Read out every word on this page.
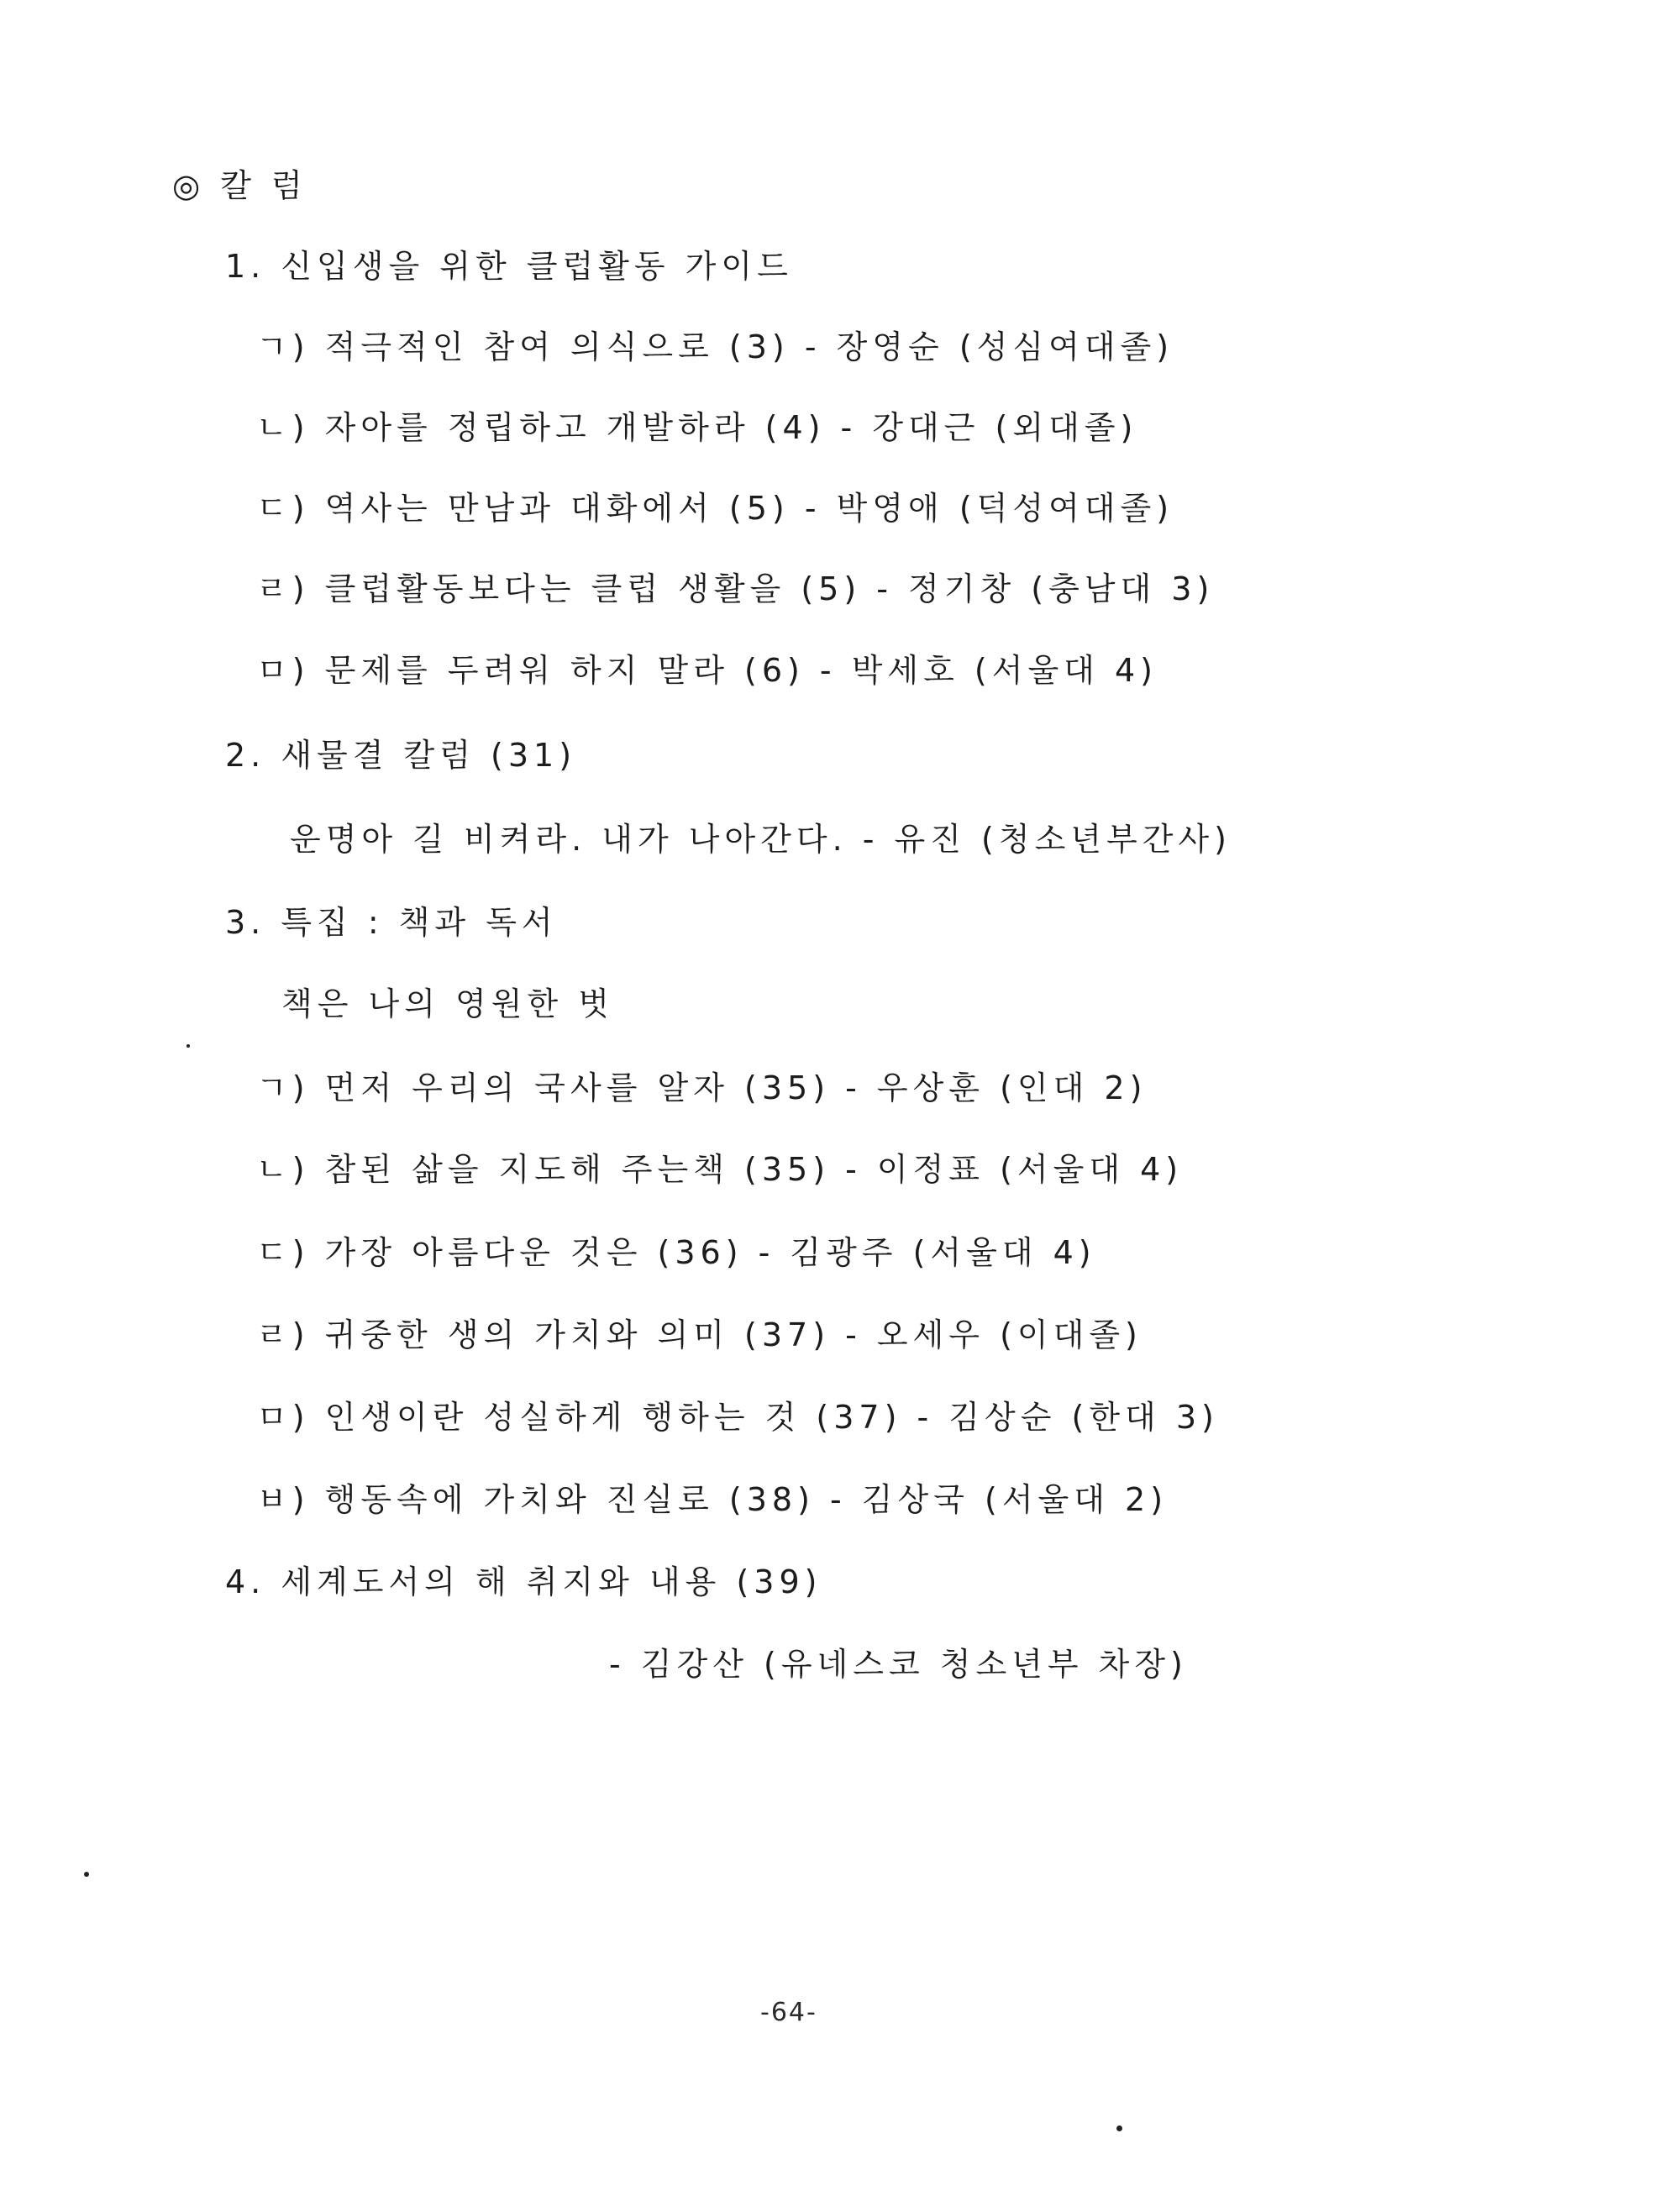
◎ 칼 럼
1. 신입생을 위한 클럽활동 가이드
ㄱ) 적극적인 참여 의식으로 (3) - 장영순 (성심여대졸)
ㄴ) 자아를 정립하고 개발하라 (4) - 강대근 (외대졸)
ㄷ) 역사는 만남과 대화에서 (5) - 박영애 (덕성여대졸)
ㄹ) 클럽활동보다는 클럽 생활을 (5) - 정기창 (충남대 3)
ㅁ) 문제를 두려워 하지 말라 (6) - 박세호 (서울대 4)
2. 새물결 칼럼 (31)
운명아 길 비켜라. 내가 나아간다. - 유진 (청소년부간사)
3. 특집 : 책과 독서
책은 나의 영원한 벗
ㄱ) 먼저 우리의 국사를 알자 (35) - 우상훈 (인대 2)
ㄴ) 참된 삶을 지도해 주는책 (35) - 이정표 (서울대 4)
ㄷ) 가장 아름다운 것은 (36) - 김광주 (서울대 4)
ㄹ) 귀중한 생의 가치와 의미 (37) - 오세우 (이대졸)
ㅁ) 인생이란 성실하게 행하는 것 (37) - 김상순 (한대 3)
ㅂ) 행동속에 가치와 진실로 (38) - 김상국 (서울대 2)
4. 세계도서의 해 취지와 내용 (39)
- 김강산 (유네스코 청소년부 차장)
-64-
